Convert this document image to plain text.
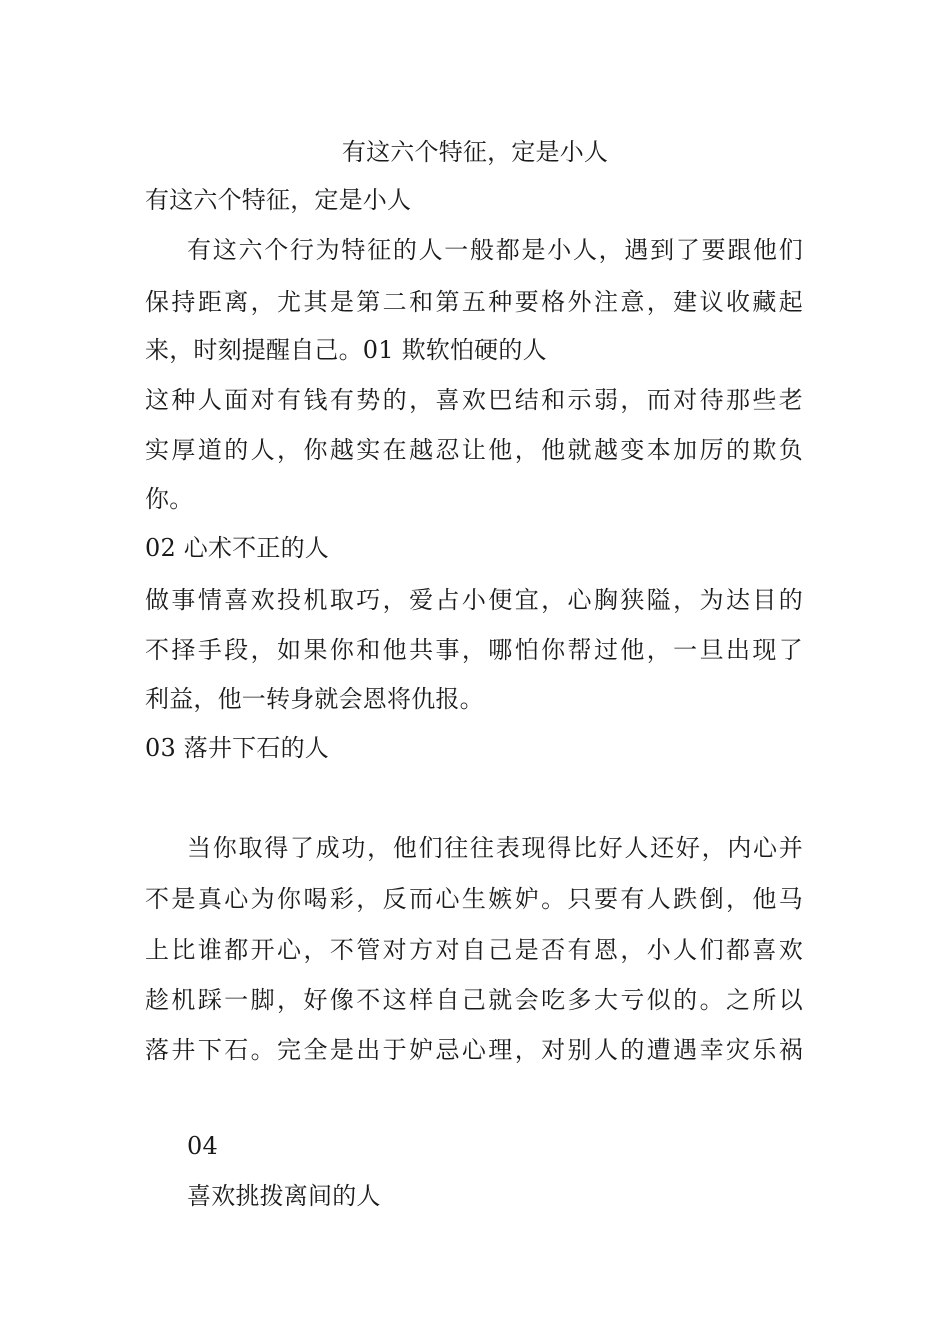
有这六个特征，定是小人
有这六个特征，定是小人
有这六个行为特征的人一般都是小人，遇到了要跟他们
保持距离，尤其是第二和第五种要格外注意，建议收藏起
来，时刻提醒自己。01 欺软怕硬的人
这种人面对有钱有势的，喜欢巴结和示弱，而对待那些老
实厚道的人，你越实在越忍让他，他就越变本加厉的欺负
你。
02 心术不正的人
做事情喜欢投机取巧，爱占小便宜，心胸狭隘，为达目的
不择手段，如果你和他共事，哪怕你帮过他，一旦出现了
利益，他一转身就会恩将仇报。
03 落井下石的人
当你取得了成功，他们往往表现得比好人还好，内心并
不是真心为你喝彩，反而心生嫉妒。只要有人跌倒，他马
上比谁都开心，不管对方对自己是否有恩，小人们都喜欢
趁机踩一脚，好像不这样自己就会吃多大亏似的。之所以
落井下石。完全是出于妒忌心理，对别人的遭遇幸灾乐祸
04
喜欢挑拨离间的人
